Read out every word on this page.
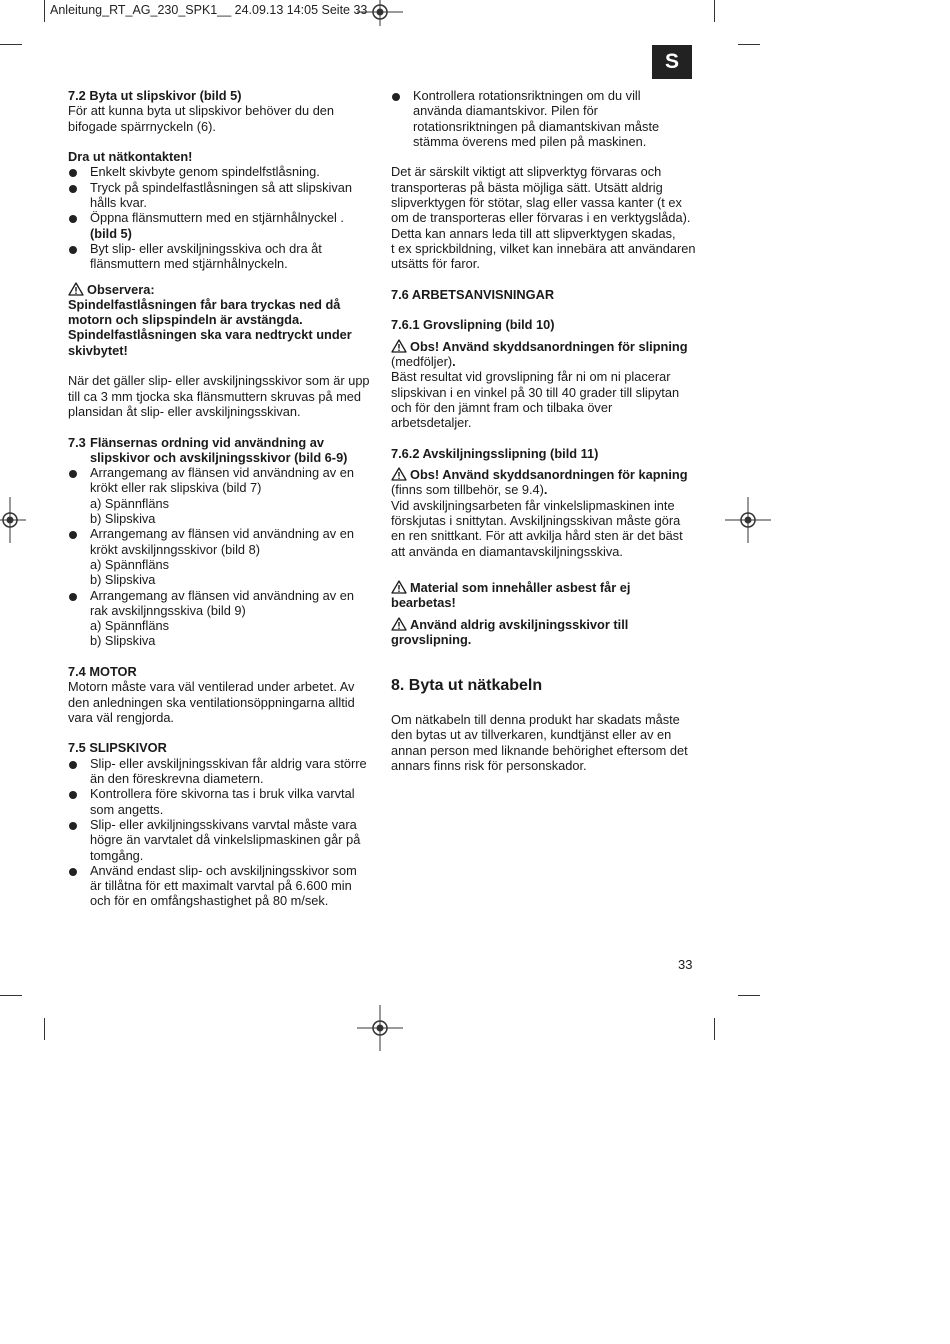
Anleitung_RT_AG_230_SPK1__ 24.09.13 14:05 Seite 33
S

7.2 Byta ut slipskivor (bild 5)

För att kunna byta ut slipskivor behöver du den

bifogade spärrnyckeln (6).

Dra ut nätkontakten!

Enkelt skivbyte genom spindelfstlåsning.

Tryck på spindelfastlåsningen så att slipskivan

hålls kvar.

Öppna flänsmuttern med en stjärnhålnyckel .

(bild 5)

Byt slip- eller avskiljningsskiva och dra åt

flänsmuttern med stjärnhålnyckeln.

Observera:

Spindelfastlåsningen får bara tryckas ned då

motorn och slipspindeln är avstängda.

Spindelfastlåsningen ska vara nedtryckt under

skivbytet!

När det gäller slip- eller avskiljningsskivor som är upp

till ca 3 mm tjocka ska flänsmuttern skruvas på med

plansidan åt slip- eller avskiljningsskivan.

7.3 Flänsernas ordning vid användning av

slipskivor och avskiljningsskivor (bild 6-9)

Arrangemang av flänsen vid användning av en

krökt eller rak slipskiva (bild 7)

a) Spännfläns

b) Slipskiva

Arrangemang av flänsen vid användning av en

krökt avskiljnngsskivor (bild 8)

a) Spännfläns

b) Slipskiva

Arrangemang av flänsen vid användning av en

rak avskiljnngsskiva (bild 9)

a) Spännfläns

b) Slipskiva

7.4 MOTOR

Motorn måste vara väl ventilerad under arbetet. Av

den anledningen ska ventilationsöppningarna alltid

vara väl rengjorda.

7.5 SLIPSKIVOR

Slip- eller avskiljningsskivan får aldrig vara större

än den föreskrevna diametern.

Kontrollera före skivorna tas i bruk vilka varvtal

som angetts.

Slip- eller avkiljningsskivans varvtal måste vara

högre än varvtalet då vinkelslipmaskinen går på

tomgång.

Använd endast slip- och avskiljningsskivor som

är tillåtna för ett maximalt varvtal på 6.600 min

och för en omfångshastighet på 80 m/sek.

Kontrollera rotationsriktningen om du vill

använda diamantskivor. Pilen för

rotationsriktningen på diamantskivan måste

stämma överens med pilen på maskinen.

Det är särskilt viktigt att slipverktyg förvaras och

transporteras på bästa möjliga sätt. Utsätt aldrig

slipverktygen för stötar, slag eller vassa kanter (t ex

om de transporteras eller förvaras i en verktygslåda).

Detta kan annars leda till att slipverktygen skadas,

t ex sprickbildning, vilket kan innebära att användaren

utsätts för faror.

7.6 ARBETSANVISNINGAR

7.6.1 Grovslipning (bild 10)

Obs! Använd skyddsanordningen för slipning

(medföljer).

Bäst resultat vid grovslipning får ni om ni placerar

slipskivan i en vinkel på 30 till 40 grader till slipytan

och för den jämnt fram och tilbaka över

arbetsdetaljer.

7.6.2 Avskiljningsslipning (bild 11)

Obs! Använd skyddsanordningen för kapning

(finns som tillbehör, se 9.4).

Vid avskiljningsarbeten får vinkelslipmaskinen inte

förskjutas i snittytan. Avskiljningsskivan måste göra

en ren snittkant. För att avkilja hård sten är det bäst

att använda en diamantavskiljningsskiva.

Material som innehåller asbest får ej

bearbetas!

Använd aldrig avskiljningsskivor till

grovslipning.

8. Byta ut nätkabeln

Om nätkabeln till denna produkt har skadats måste

den bytas ut av tillverkaren, kundtjänst eller av en

annan person med liknande behörighet eftersom det

annars finns risk för personskador.

33
